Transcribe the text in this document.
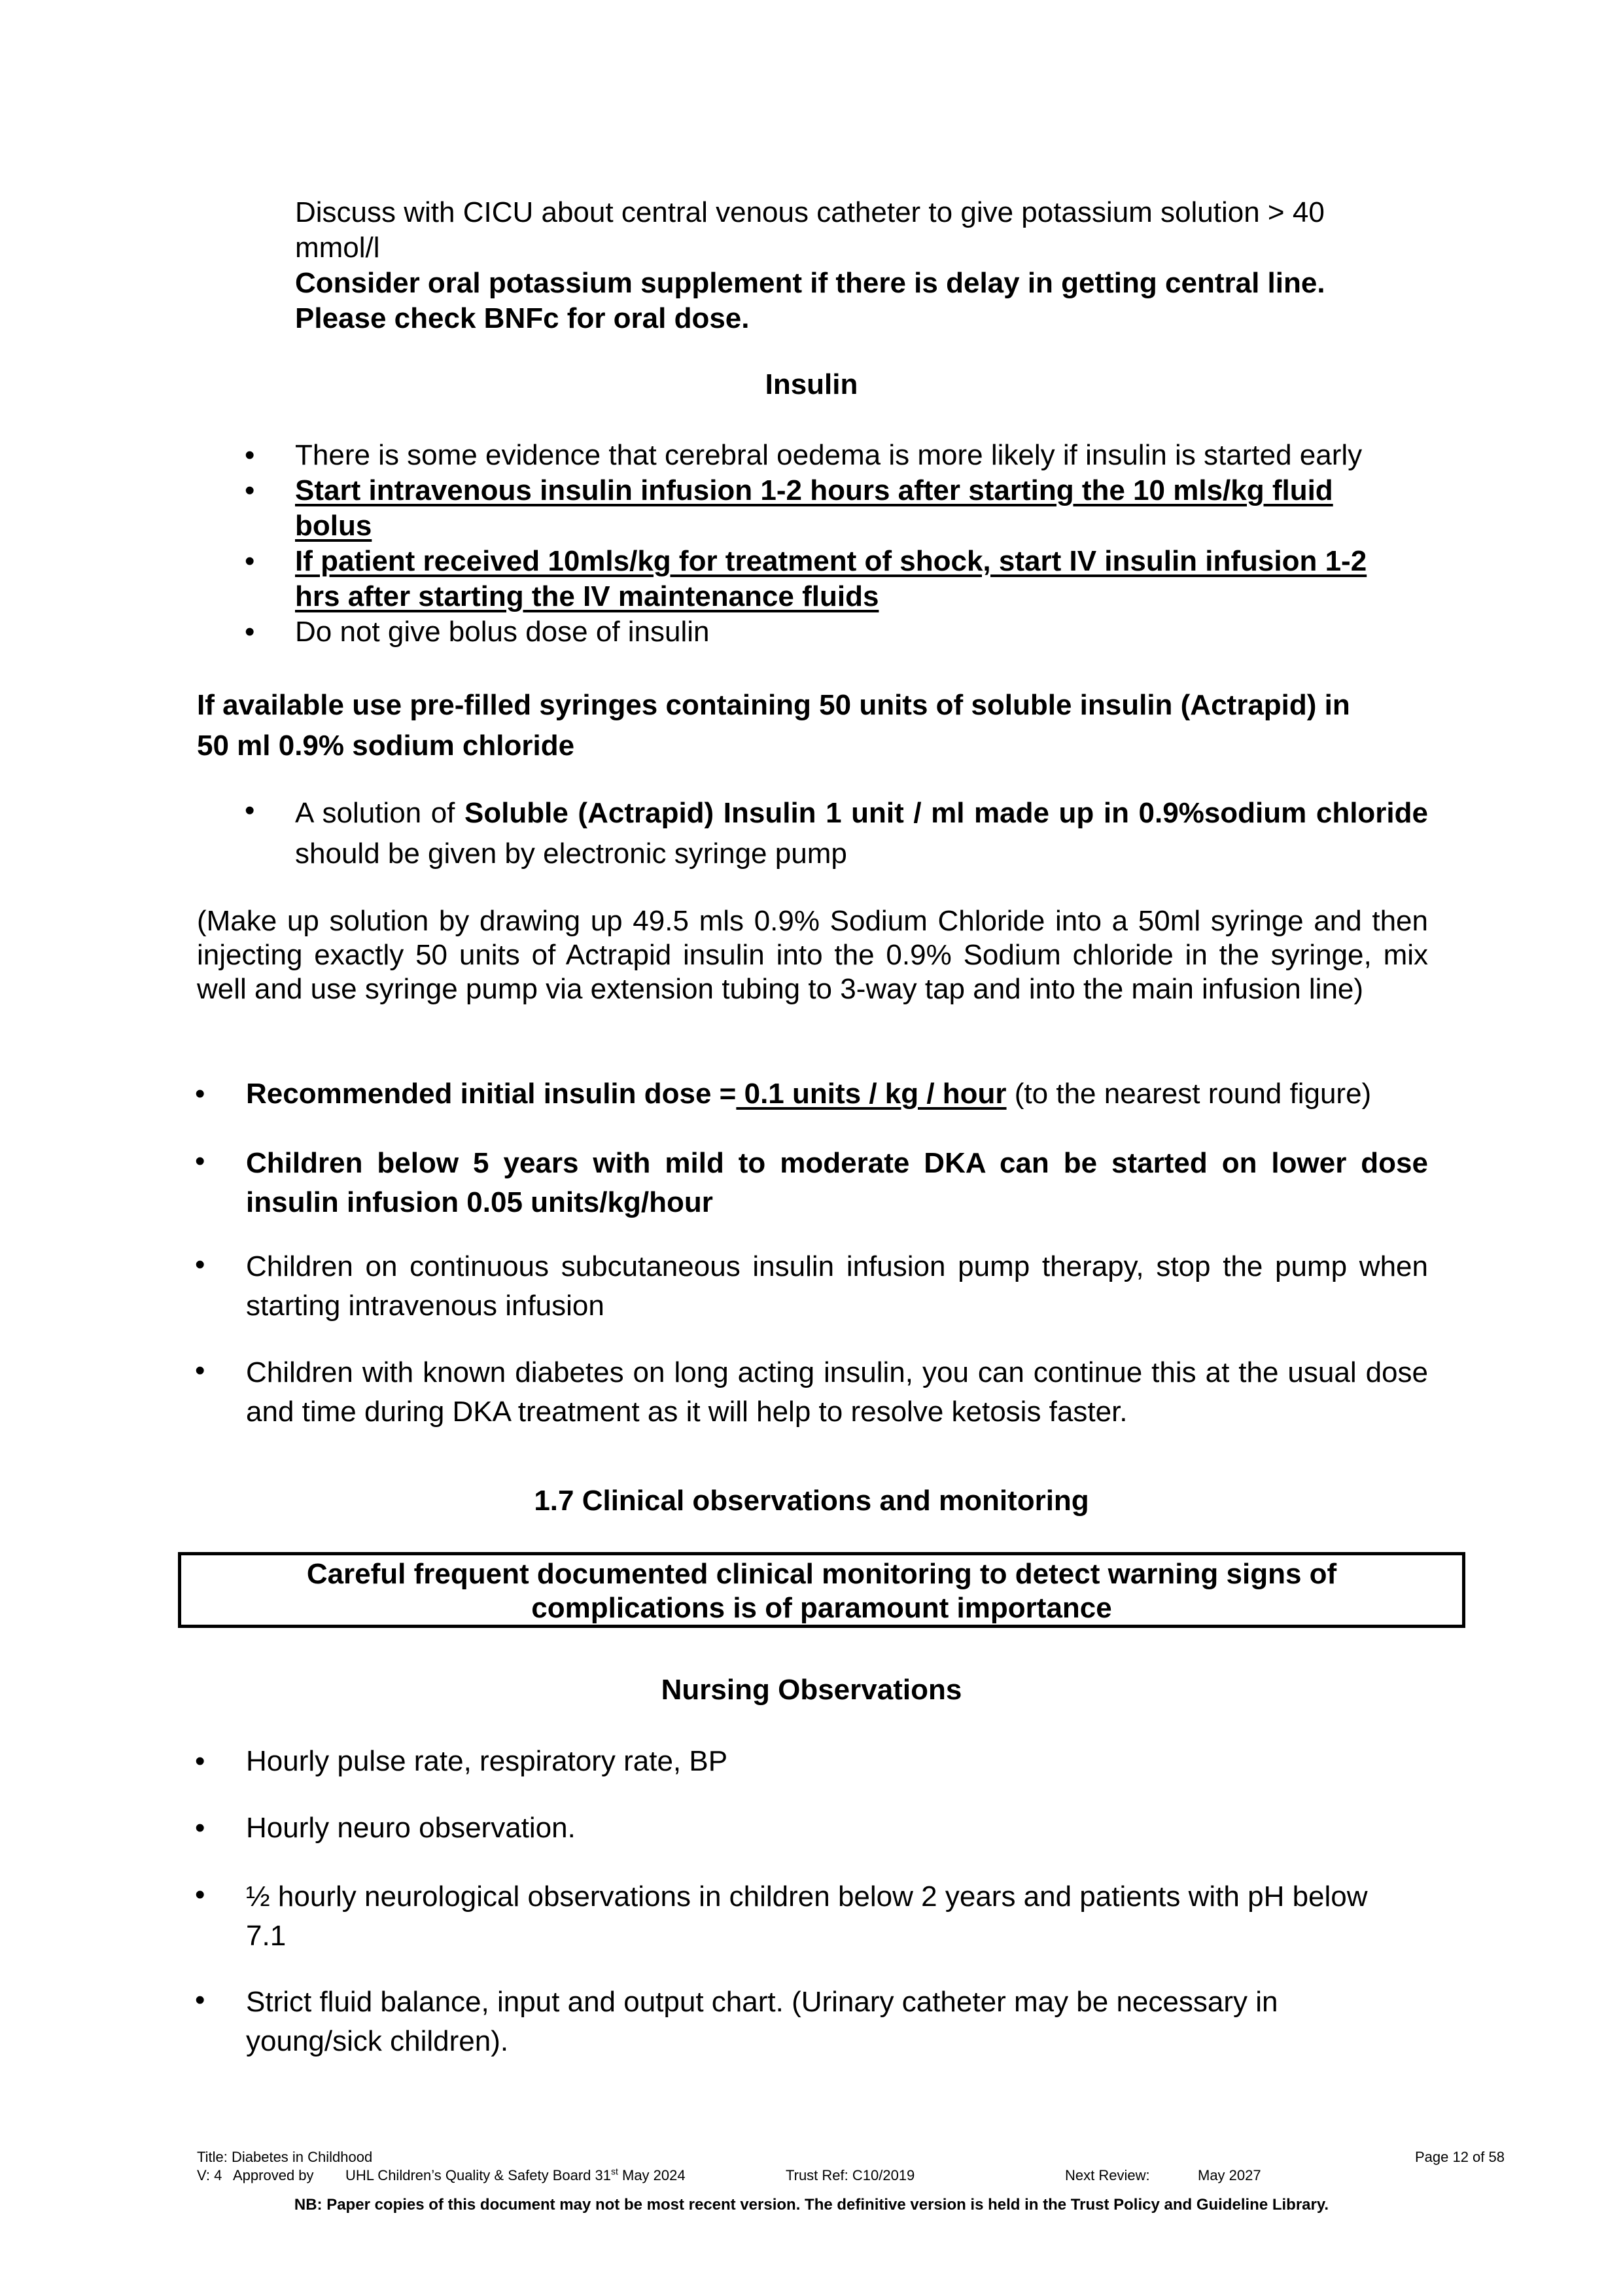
Discuss with CICU about central venous catheter to give potassium solution > 40
mmol/l
Consider oral potassium supplement if there is delay in getting central line.
Please check BNFc for oral dose.
Insulin
• There is some evidence that cerebral oedema is more likely if insulin is started early
• Start intravenous insulin infusion 1-2 hours after starting the 10 mls/kg fluid
bolus
• If patient received 10mls/kg for treatment of shock, start IV insulin infusion 1-2
hrs after starting the IV maintenance fluids
• Do not give bolus dose of insulin
If available use pre-filled syringes containing 50 units of soluble insulin (Actrapid) in
50 ml 0.9% sodium chloride
• A solution of Soluble (Actrapid) Insulin 1 unit / ml made up in 0.9%sodium chloride should be given by electronic syringe pump
(Make up solution by drawing up 49.5 mls 0.9% Sodium Chloride into a 50ml syringe and then injecting exactly 50 units of Actrapid insulin into the 0.9% Sodium chloride in the syringe, mix well and use syringe pump via extension tubing to 3-way tap and into the main infusion line)
• Recommended initial insulin dose = 0.1 units / kg / hour (to the nearest round figure)
• Children below 5 years with mild to moderate DKA can be started on lower dose insulin infusion 0.05 units/kg/hour
• Children on continuous subcutaneous insulin infusion pump therapy, stop the pump when starting intravenous infusion
• Children with known diabetes on long acting insulin, you can continue this at the usual dose and time during DKA treatment as it will help to resolve ketosis faster.
1.7 Clinical observations and monitoring
Careful frequent documented clinical monitoring to detect warning signs of
complications is of paramount importance
Nursing Observations
• Hourly pulse rate, respiratory rate, BP
• Hourly neuro observation.
• ½ hourly neurological observations in children below 2 years and patients with pH below
7.1
• Strict fluid balance, input and output chart. (Urinary catheter may be necessary in
young/sick children).
Title: Diabetes in Childhood	Page 12 of 58
V: 4 Approved by UHL Children’s Quality & Safety Board 31st May 2024	Trust Ref: C10/2019	Next Review:	May 2027
NB: Paper copies of this document may not be most recent version. The definitive version is held in the Trust Policy and Guideline Library.
